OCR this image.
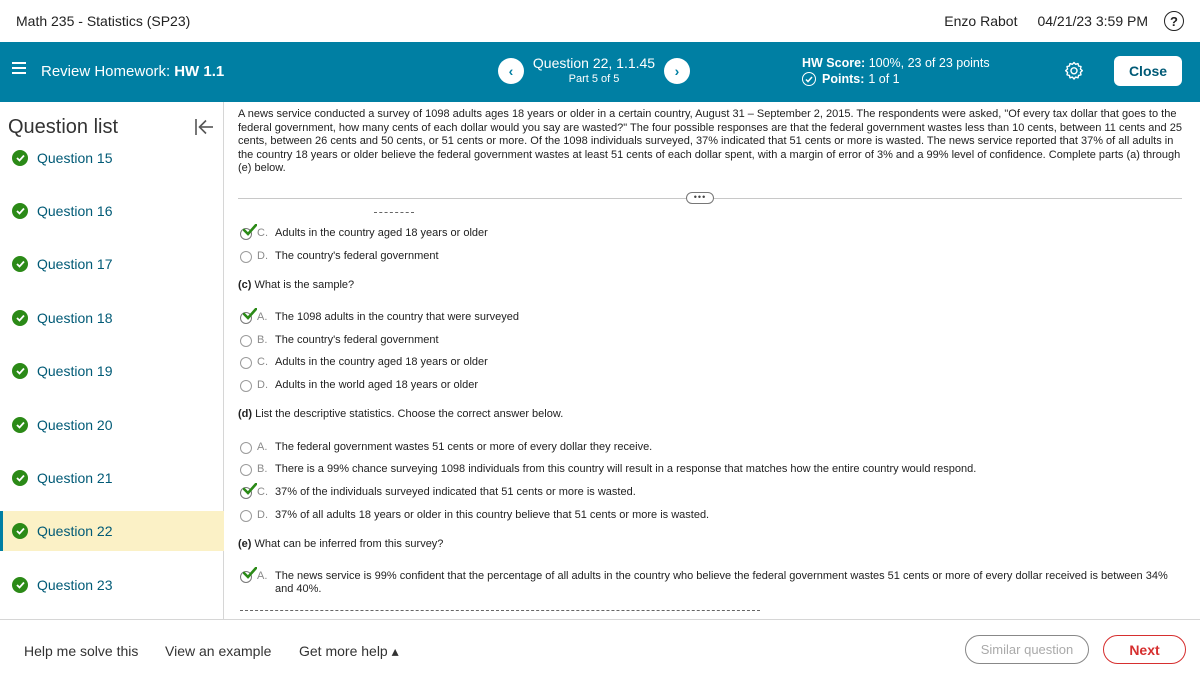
Math 235 - Statistics (SP23)	Enzo Rabot 04/21/23 3:59 PM	?
Review Homework: HW 1.1	‹	Question 22, 1.1.45
Part 5 of 5	›	HW Score: 100%, 23 of 23 points
Points: 1 of 1	Close
Question list
Question 15
Question 16
Question 17
Question 18
Question 19
Question 20
Question 21
Question 22
Question 23
A news service conducted a survey of 1098 adults ages 18 years or older in a certain country, August 31 – September 2, 2015. The respondents were asked, "Of every tax dollar that goes to the federal government, how many cents of each dollar would you say are wasted?" The four possible responses are that the federal government wastes less than 10 cents, between 11 cents and 25 cents, between 26 cents and 50 cents, or 51 cents or more. Of the 1098 individuals surveyed, 37% indicated that 51 cents or more is wasted. The news service reported that 37% of all adults in the country 18 years or older believe the federal government wastes at least 51 cents of each dollar spent, with a margin of error of 3% and a 99% level of confidence. Complete parts (a) through (e) below.
•••
C. Adults in the country aged 18 years or older
D. The country's federal government
(c) What is the sample?
A. The 1098 adults in the country that were surveyed
B. The country's federal government
C. Adults in the country aged 18 years or older
D. Adults in the world aged 18 years or older
(d) List the descriptive statistics. Choose the correct answer below.
A. The federal government wastes 51 cents or more of every dollar they receive.
B. There is a 99% chance surveying 1098 individuals from this country will result in a response that matches how the entire country would respond.
C. 37% of the individuals surveyed indicated that 51 cents or more is wasted.
D. 37% of all adults 18 years or older in this country believe that 51 cents or more is wasted.
(e) What can be inferred from this survey?
A. The news service is 99% confident that the percentage of all adults in the country who believe the federal government wastes 51 cents or more of every dollar received is between 34% and 40%.
Help me solve this View an example Get more help ▴	Similar question	Next
